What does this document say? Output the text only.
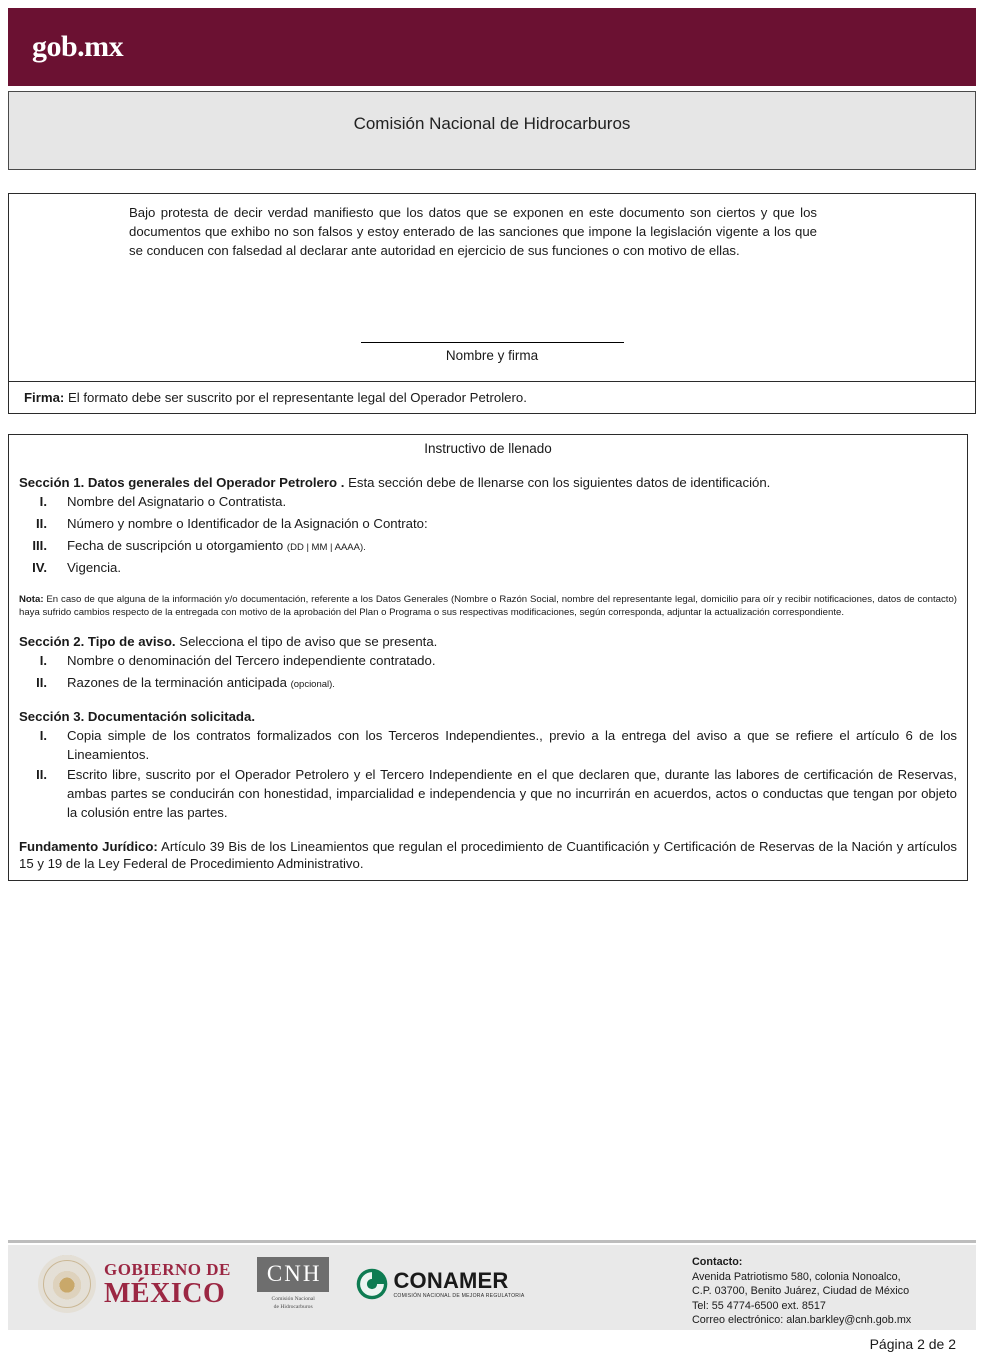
gob.mx
Comisión Nacional de Hidrocarburos
Bajo protesta de decir verdad manifiesto que los datos que se exponen en este documento son ciertos y que los documentos que exhibo no son falsos y estoy enterado de las sanciones que impone la legislación vigente a los que se conducen con falsedad al declarar ante autoridad en ejercicio de sus funciones o con motivo de ellas.
Nombre y firma
Firma: El formato debe ser suscrito por el representante legal del Operador Petrolero.
Instructivo de llenado
Sección 1. Datos generales del Operador Petrolero . Esta sección debe de llenarse con los siguientes datos de identificación.
I.	Nombre del Asignatario o Contratista.
II.	Número y nombre o Identificador de la Asignación o Contrato:
III.	Fecha de suscripción u otorgamiento (DD | MM | AAAA).
IV.	Vigencia.
Nota: En caso de que alguna de la información y/o documentación, referente a los Datos Generales (Nombre o Razón Social, nombre del representante legal, domicilio para oír y recibir notificaciones, datos de contacto) haya sufrido cambios respecto de la entregada con motivo de la aprobación del Plan o Programa o sus respectivas modificaciones, según corresponda, adjuntar la actualización correspondiente.
Sección 2. Tipo de aviso. Selecciona el tipo de aviso que se presenta.
I.	Nombre o denominación del Tercero independiente contratado.
II.	Razones de la terminación anticipada (opcional).
Sección 3. Documentación solicitada.
I.	Copia simple de los contratos formalizados con los Terceros Independientes., previo a la entrega del aviso a que se refiere el artículo 6 de los Lineamientos.
II.	Escrito libre, suscrito por el Operador Petrolero y el Tercero Independiente en el que declaren que, durante las labores de certificación de Reservas, ambas partes se conducirán con honestidad, imparcialidad e independencia y que no incurrirán en acuerdos, actos o conductas que tengan por objeto la colusión entre las partes.
Fundamento Jurídico: Artículo 39 Bis de los Lineamientos que regulan el procedimiento de Cuantificación y Certificación de Reservas de la Nación y artículos 15 y 19 de la Ley Federal de Procedimiento Administrativo.
GOBIERNO DE
MÉXICO
CNH
Comisión Nacional
de Hidrocarburos
CONAMER
COMISIÓN NACIONAL DE MEJORA REGULATORIA
Contacto:
Avenida Patriotismo 580, colonia Nonoalco,
C.P. 03700, Benito Juárez, Ciudad de México
Tel: 55 4774-6500 ext. 8517
Correo electrónico: alan.barkley@cnh.gob.mx
Página 2 de 2
